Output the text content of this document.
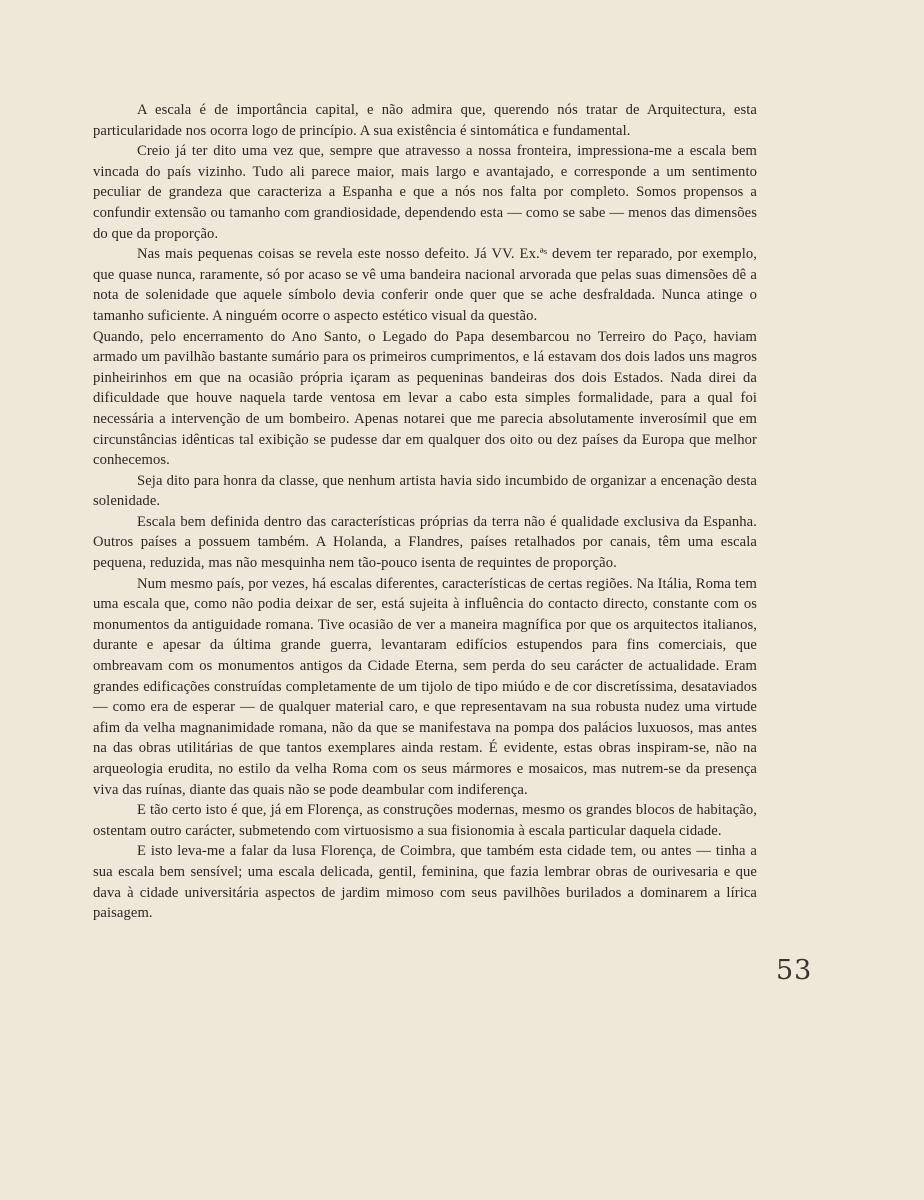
A escala é de importância capital, e não admira que, querendo nós tratar de Arquitectura, esta particularidade nos ocorra logo de princípio. A sua existência é sintomática e fundamental.

Creio já ter dito uma vez que, sempre que atravesso a nossa fronteira, impressiona-me a escala bem vincada do país vizinho. Tudo ali parece maior, mais largo e avantajado, e corresponde a um sentimento peculiar de grandeza que caracteriza a Espanha e que a nós nos falta por completo. Somos propensos a confundir extensão ou tamanho com grandiosidade, dependendo esta — como se sabe — menos das dimensões do que da proporção.

Nas mais pequenas coisas se revela este nosso defeito. Já VV. Ex.ªˢ devem ter reparado, por exemplo, que quase nunca, raramente, só por acaso se vê uma bandeira nacional arvorada que pelas suas dimensões dê a nota de solenidade que aquele símbolo devia conferir onde quer que se ache desfraldada. Nunca atinge o tamanho suficiente. A ninguém ocorre o aspecto estético visual da questão.

Quando, pelo encerramento do Ano Santo, o Legado do Papa desembarcou no Terreiro do Paço, haviam armado um pavilhão bastante sumário para os primeiros cumprimentos, e lá estavam dos dois lados uns magros pinheirinhos em que na ocasião própria içaram as pequeninas bandeiras dos dois Estados. Nada direi da dificuldade que houve naquela tarde ventosa em levar a cabo esta simples formalidade, para a qual foi necessária a intervenção de um bombeiro. Apenas notarei que me parecia absolutamente inverosímil que em circunstâncias idênticas tal exibição se pudesse dar em qualquer dos oito ou dez países da Europa que melhor conhecemos.

Seja dito para honra da classe, que nenhum artista havia sido incumbido de organizar a encenação desta solenidade.

Escala bem definida dentro das características próprias da terra não é qualidade exclusiva da Espanha. Outros países a possuem também. A Holanda, a Flandres, países retalhados por canais, têm uma escala pequena, reduzida, mas não mesquinha nem tão-pouco isenta de requintes de proporção.

Num mesmo país, por vezes, há escalas diferentes, características de certas regiões. Na Itália, Roma tem uma escala que, como não podia deixar de ser, está sujeita à influência do contacto directo, constante com os monumentos da antiguidade romana. Tive ocasião de ver a maneira magnífica por que os arquitectos italianos, durante e apesar da última grande guerra, levantaram edifícios estupendos para fins comerciais, que ombreavam com os monumentos antigos da Cidade Eterna, sem perda do seu carácter de actualidade. Eram grandes edificações construídas completamente de um tijolo de tipo miúdo e de cor discretíssima, desataviados — como era de esperar — de qualquer material caro, e que representavam na sua robusta nudez uma virtude afim da velha magnanimidade romana, não da que se manifestava na pompa dos palácios luxuosos, mas antes na das obras utilitárias de que tantos exemplares ainda restam. É evidente, estas obras inspiram-se, não na arqueologia erudita, no estilo da velha Roma com os seus mármores e mosaicos, mas nutrem-se da presença viva das ruínas, diante das quais não se pode deambular com indiferença.

E tão certo isto é que, já em Florença, as construções modernas, mesmo os grandes blocos de habitação, ostentam outro carácter, submetendo com virtuosismo a sua fisionomia à escala particular daquela cidade.

E isto leva-me a falar da lusa Florença, de Coimbra, que também esta cidade tem, ou antes — tinha a sua escala bem sensível; uma escala delicada, gentil, feminina, que fazia lembrar obras de ourivesaria e que dava à cidade universitária aspectos de jardim mimoso com seus pavilhões burilados a dominarem a lírica paisagem.

53
